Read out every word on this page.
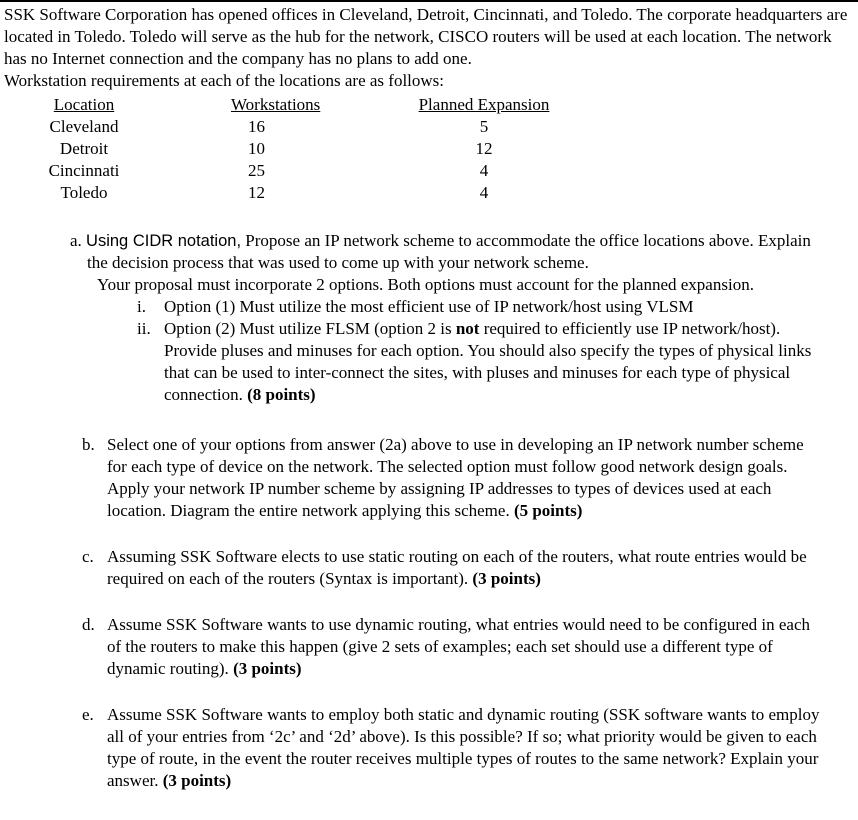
SSK Software Corporation has opened offices in Cleveland, Detroit, Cincinnati, and Toledo. The corporate headquarters are located in Toledo. Toledo will serve as the hub for the network, CISCO routers will be used at each location. The network has no Internet connection and the company has no plans to add one.

Workstation requirements at each of the locations are as follows:

Location	Workstations	Planned Expansion
Cleveland	16	5
Detroit	10	12
Cincinnati	25	4
Toledo	12	4
a. Using CIDR notation, Propose an IP network scheme to accommodate the office locations above. Explain the decision process that was used to come up with your network scheme.
Your proposal must incorporate 2 options. Both options must account for the planned expansion.
i.	Option (1) Must utilize the most efficient use of IP network/host using VLSM
ii. Option (2) Must utilize FLSM (option 2 is not required to efficiently use IP network/host). Provide pluses and minuses for each option. You should also specify the types of physical links that can be used to inter-connect the sites, with pluses and minuses for each type of physical connection. (8 points)
b. Select one of your options from answer (2a) above to use in developing an IP network number scheme for each type of device on the network. The selected option must follow good network design goals. Apply your network IP number scheme by assigning IP addresses to types of devices used at each location. Diagram the entire network applying this scheme. (5 points)
c. Assuming SSK Software elects to use static routing on each of the routers, what route entries would be required on each of the routers (Syntax is important). (3 points)
d. Assume SSK Software wants to use dynamic routing, what entries would need to be configured in each of the routers to make this happen (give 2 sets of examples; each set should use a different type of dynamic routing). (3 points)
e. Assume SSK Software wants to employ both static and dynamic routing (SSK software wants to employ all of your entries from ‘2c’ and ‘2d’ above). Is this possible? If so; what priority would be given to each type of route, in the event the router receives multiple types of routes to the same network? Explain your answer. (3 points)
